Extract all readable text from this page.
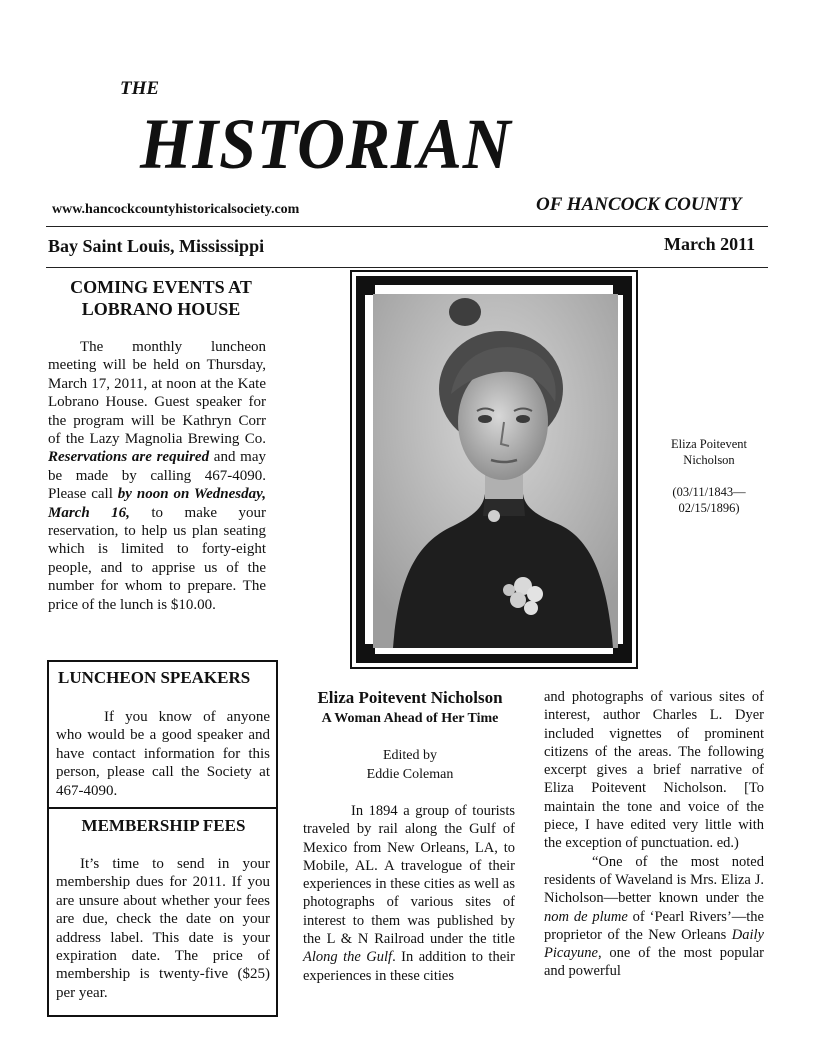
THE
HISTORIAN
www.hancockcountyhistoricalsociety.com	OF HANCOCK COUNTY
Bay Saint Louis, Mississippi	March 2011
COMING EVENTS AT
LOBRANO HOUSE

The monthly luncheon meeting will be held on Thursday, March 17, 2011, at noon at the Kate Lobrano House. Guest speaker for the program will be Kathryn Corr of the Lazy Magnolia Brewing Co. Reservations are required and may be made by calling 467-4090. Please call by noon on Wednesday, March 16, to make your reservation, to help us plan seating which is limited to forty-eight people, and to apprise us of the number for whom to prepare. The price of the lunch is $10.00.

LUNCHEON SPEAKERS

If you know of anyone who would be a good speaker and have contact information for this person, please call the Society at 467-4090.

MEMBERSHIP FEES

It’s time to send in your membership dues for 2011. If you are unsure about whether your fees are due, check the date on your address label. This date is your expiration date. The price of membership is twenty-five ($25) per year.

Eliza Poitevent
Nicholson
(03/11/1843—
02/15/1896)
Eliza Poitevent Nicholson
A Woman Ahead of Her Time
Edited by
Eddie Coleman

In 1894 a group of tourists traveled by rail along the Gulf of Mexico from New Orleans, LA, to Mobile, AL. A travelogue of their experiences in these cities as well as photographs of various sites of interest to them was published by the L & N Railroad under the title Along the Gulf. In addition to their experiences in these cities

and photographs of various sites of interest, author Charles L. Dyer included vignettes of prominent citizens of the areas. The following excerpt gives a brief narrative of Eliza Poitevent Nicholson. [To maintain the tone and voice of the piece, I have edited very little with the exception of punctuation. ed.)

“One of the most noted residents of Waveland is Mrs. Eliza J. Nicholson—better known under the nom de plume of ‘Pearl Rivers’—the proprietor of the New Orleans Daily Picayune, one of the most popular and powerful
